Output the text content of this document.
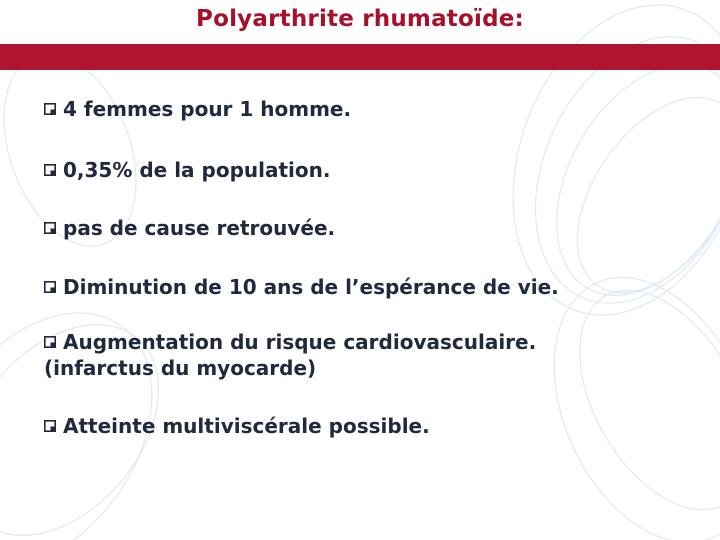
Polyarthrite rhumatoïde:
4 femmes pour 1 homme.
0,35% de la population.
pas de cause retrouvée.
Diminution de 10 ans de l’espérance de vie.
Augmentation du risque cardiovasculaire.
(infarctus du myocarde)
Atteinte multiviscérale possible.
